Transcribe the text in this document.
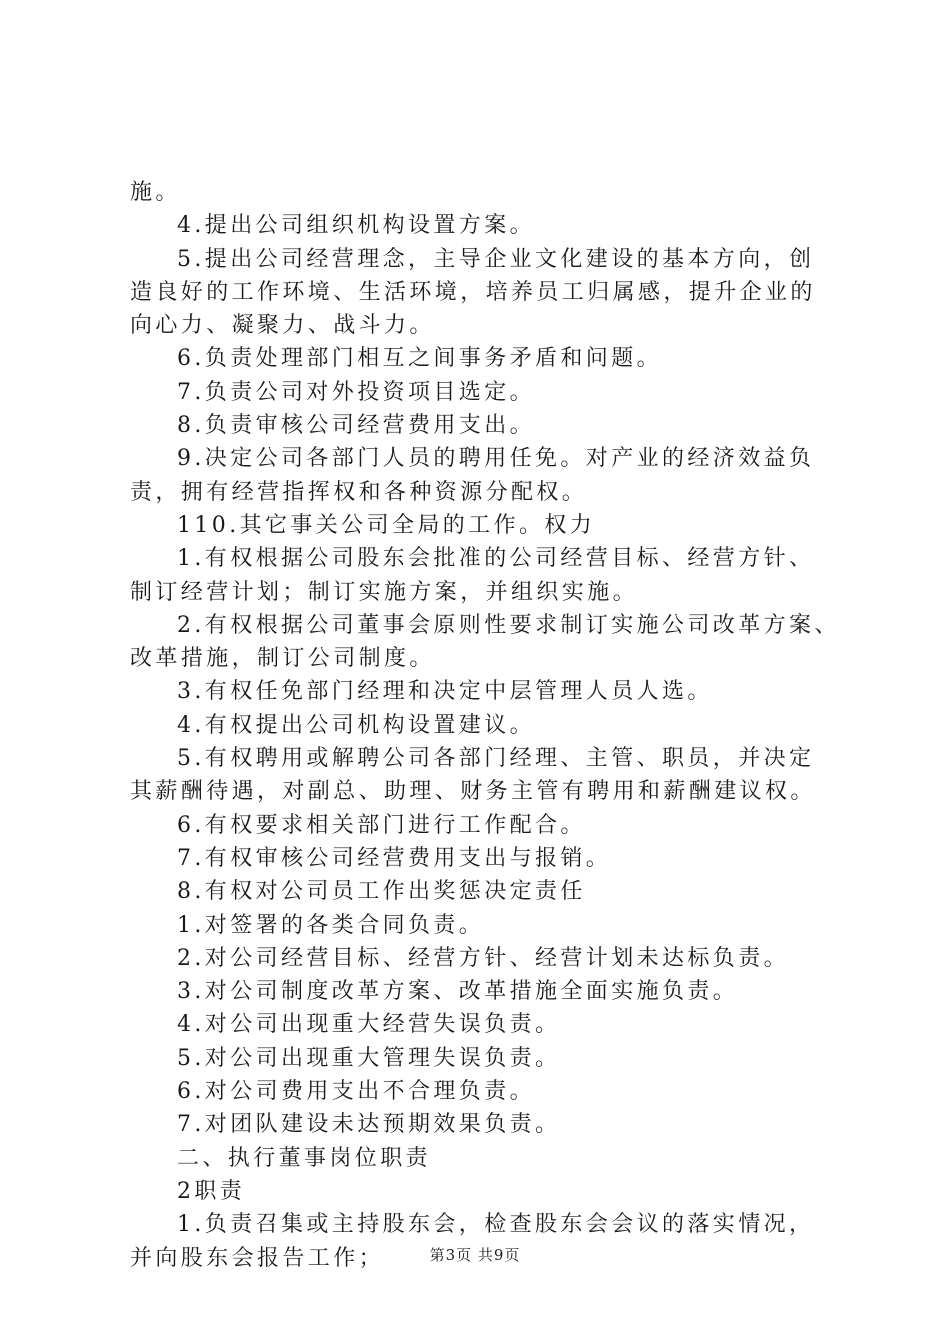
施。
4.提出公司组织机构设置方案。
5.提出公司经营理念，主导企业文化建设的基本方向，创
造良好的工作环境、生活环境，培养员工归属感，提升企业的
向心力、凝聚力、战斗力。
6.负责处理部门相互之间事务矛盾和问题。
7.负责公司对外投资项目选定。
8.负责审核公司经营费用支出。
9.决定公司各部门人员的聘用任免。对产业的经济效益负
责，拥有经营指挥权和各种资源分配权。
110.其它事关公司全局的工作。权力
1.有权根据公司股东会批准的公司经营目标、经营方针、
制订经营计划；制订实施方案，并组织实施。
2.有权根据公司董事会原则性要求制订实施公司改革方案、
改革措施，制订公司制度。
3.有权任免部门经理和决定中层管理人员人选。
4.有权提出公司机构设置建议。
5.有权聘用或解聘公司各部门经理、主管、职员，并决定
其薪酬待遇，对副总、助理、财务主管有聘用和薪酬建议权。
6.有权要求相关部门进行工作配合。
7.有权审核公司经营费用支出与报销。
8.有权对公司员工作出奖惩决定责任
1.对签署的各类合同负责。
2.对公司经营目标、经营方针、经营计划未达标负责。
3.对公司制度改革方案、改革措施全面实施负责。
4.对公司出现重大经营失误负责。
5.对公司出现重大管理失误负责。
6.对公司费用支出不合理负责。
7.对团队建设未达预期效果负责。
二、执行董事岗位职责
2职责
1.负责召集或主持股东会，检查股东会会议的落实情况，
并向股东会报告工作；	第3页 共9页
